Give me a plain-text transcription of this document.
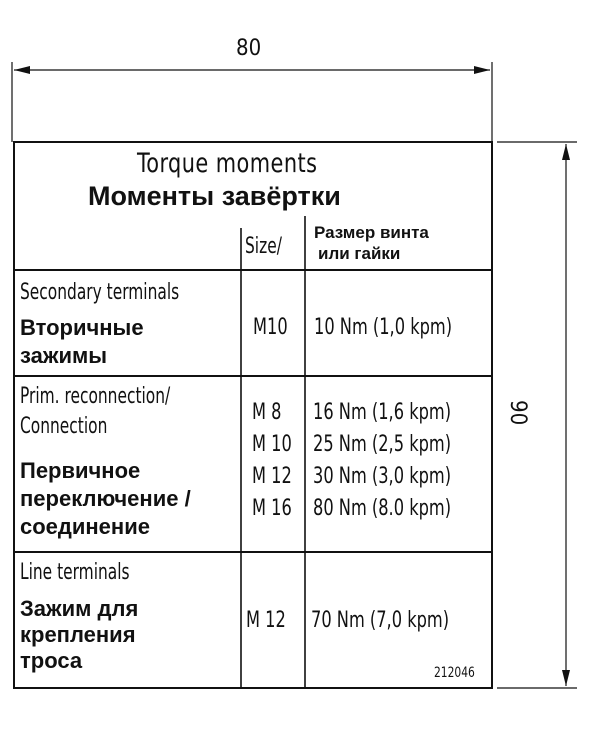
80
90
Torque moments
Моменты завёртки
Size/
Размер винта
или гайки
Secondary terminals
Вторичные
зажимы
M10 10 Nm (1,0 kpm)
Prim. reconnection/
Connection
Первичное
переключение /
соединение
M 8
M 10
M 12
M 16
16 Nm (1,6 kpm)
25 Nm (2,5 kpm)
30 Nm (3,0 kpm)
80 Nm (8.0 kpm)
Line terminals
Зажим для
крепления
троса
M 12 70 Nm (7,0 kpm)
212046
